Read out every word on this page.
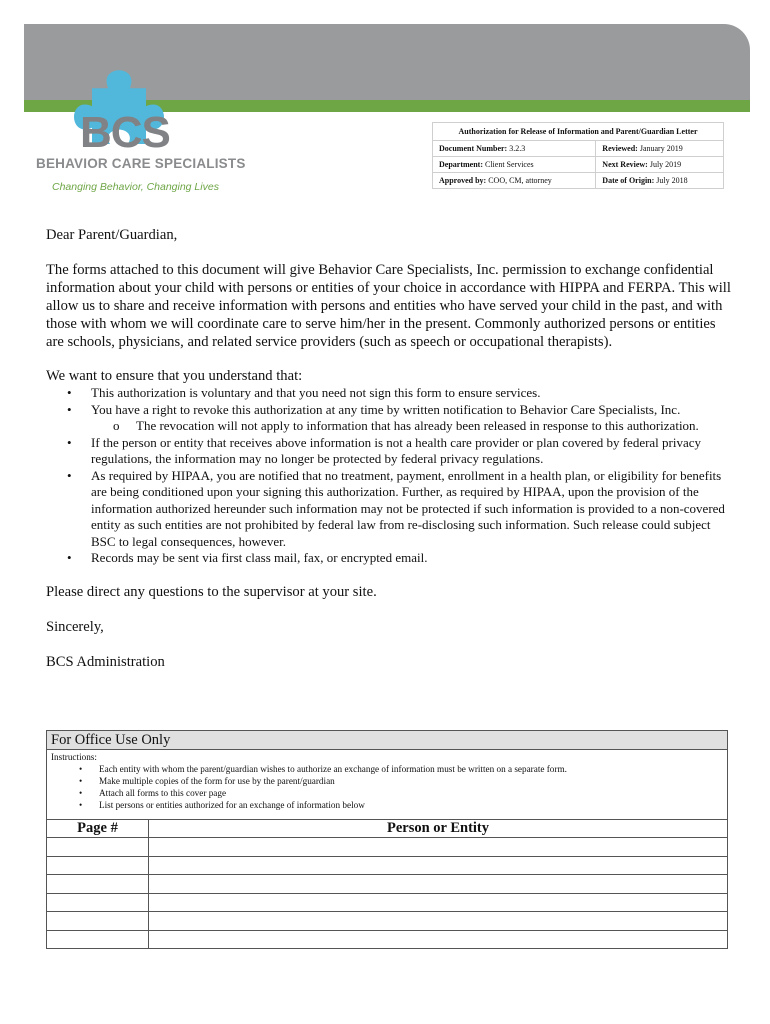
BCS
BEHAVIOR CARE SPECIALISTS
Changing Behavior, Changing Lives
Authorization for Release of Information and Parent/Guardian Letter	
Document Number: 3.2.3	Reviewed: January 2019
Department: Client Services	Next Review: July 2019
Approved by: COO, CM, attorney	Date of Origin: July 2018

Dear Parent/Guardian,

The forms attached to this document will give Behavior Care Specialists, Inc. permission to exchange confidential information about your child with persons or entities of your choice in accordance with HIPPA and FERPA. This will allow us to share and receive information with persons and entities who have served your child in the past, and with those with whom we will coordinate care to serve him/her in the present. Commonly authorized persons or entities are schools, physicians, and related service providers (such as speech or occupational therapists).

We want to ensure that you understand that:

• This authorization is voluntary and that you need not sign this form to ensure services.
• You have a right to revoke this authorization at any time by written notification to Behavior Care Specialists, Inc.
o The revocation will not apply to information that has already been released in response to this authorization.
• If the person or entity that receives above information is not a health care provider or plan covered by federal privacy regulations, the information may no longer be protected by federal privacy regulations.
• As required by HIPAA, you are notified that no treatment, payment, enrollment in a health plan, or eligibility for benefits are being conditioned upon your signing this authorization. Further, as required by HIPAA, upon the provision of the information authorized hereunder such information may not be protected if such information is provided to a non-covered entity as such entities are not prohibited by federal law from re-disclosing such information. Such release could subject BSC to legal consequences, however.
• Records may be sent via first class mail, fax, or encrypted email.

Please direct any questions to the supervisor at your site.

Sincerely,

BCS Administration

For Office Use Only
Instructions:
• Each entity with whom the parent/guardian wishes to authorize an exchange of information must be written on a separate form.
• Make multiple copies of the form for use by the parent/guardian
• Attach all forms to this cover page
• List persons or entities authorized for an exchange of information below
Page #	Person or Entity
